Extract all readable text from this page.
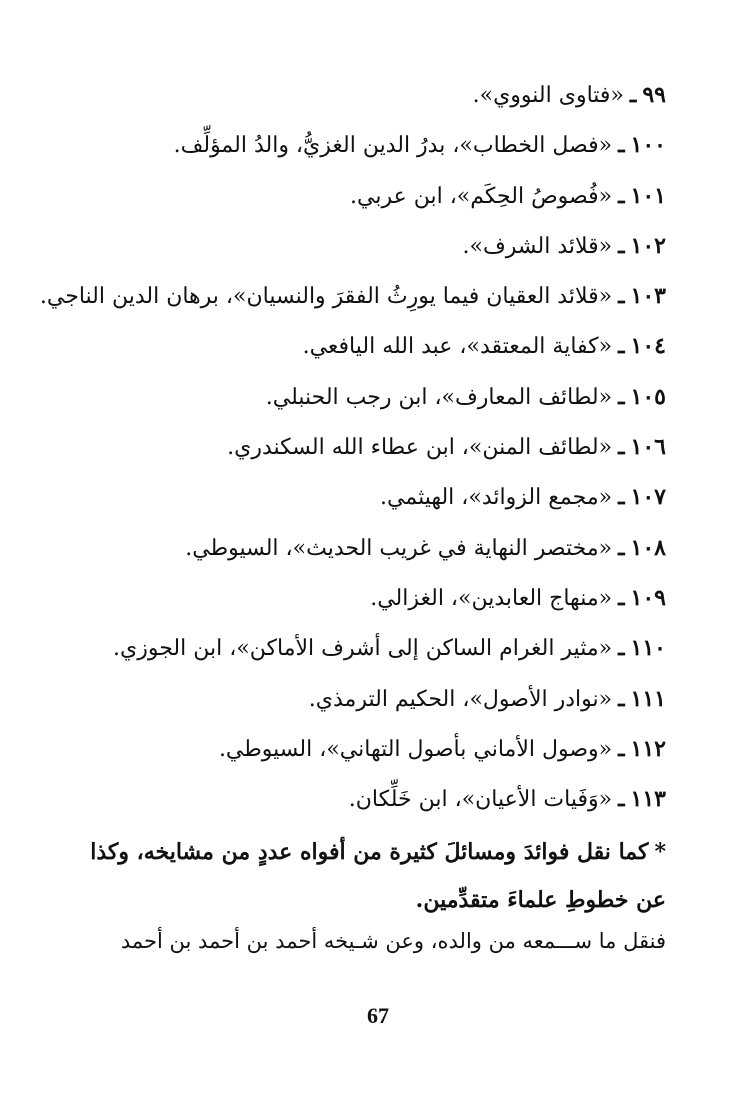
٩٩ـ«فتاوى النووي».
١٠٠ـ«فصل الخطاب»، بدرُ الدين الغزيُّ، والدُ المؤلِّف.
١٠١ـ«فُصوصُ الحِكَم»، ابن عربي.
١٠٢ـ«قلائد الشرف».
١٠٣ـ«قلائد العقيان فيما يورِثُ الفقرَ والنسيان»، برهان الدين الناجي.
١٠٤ـ«كفاية المعتقد»، عبد الله اليافعي.
١٠٥ـ«لطائف المعارف»، ابن رجب الحنبلي.
١٠٦ـ«لطائف المنن»، ابن عطاء الله السكندري.
١٠٧ـ«مجمع الزوائد»، الهيثمي.
١٠٨ـ«مختصر النهاية في غريب الحديث»، السيوطي.
١٠٩ـ«منهاج العابدين»، الغزالي.
١١٠ـ«مثير الغرام الساكن إلى أشرف الأماكن»، ابن الجوزي.
١١١ـ«نوادر الأصول»، الحكيم الترمذي.
١١٢ـ«وصول الأماني بأصول التهاني»، السيوطي.
١١٣ـ«وَفَيات الأعيان»، ابن خَلِّكان.

*كما نقل فوائدَ ومسائلَ كثيرة من أفواه عددٍ من مشايخه، وكذا عن خطوطِ علماءَ متقدِّمين.

فنقل ما ســـمعه من والده، وعن شـيخه أحمد بن أحمد بن أحمد

67
